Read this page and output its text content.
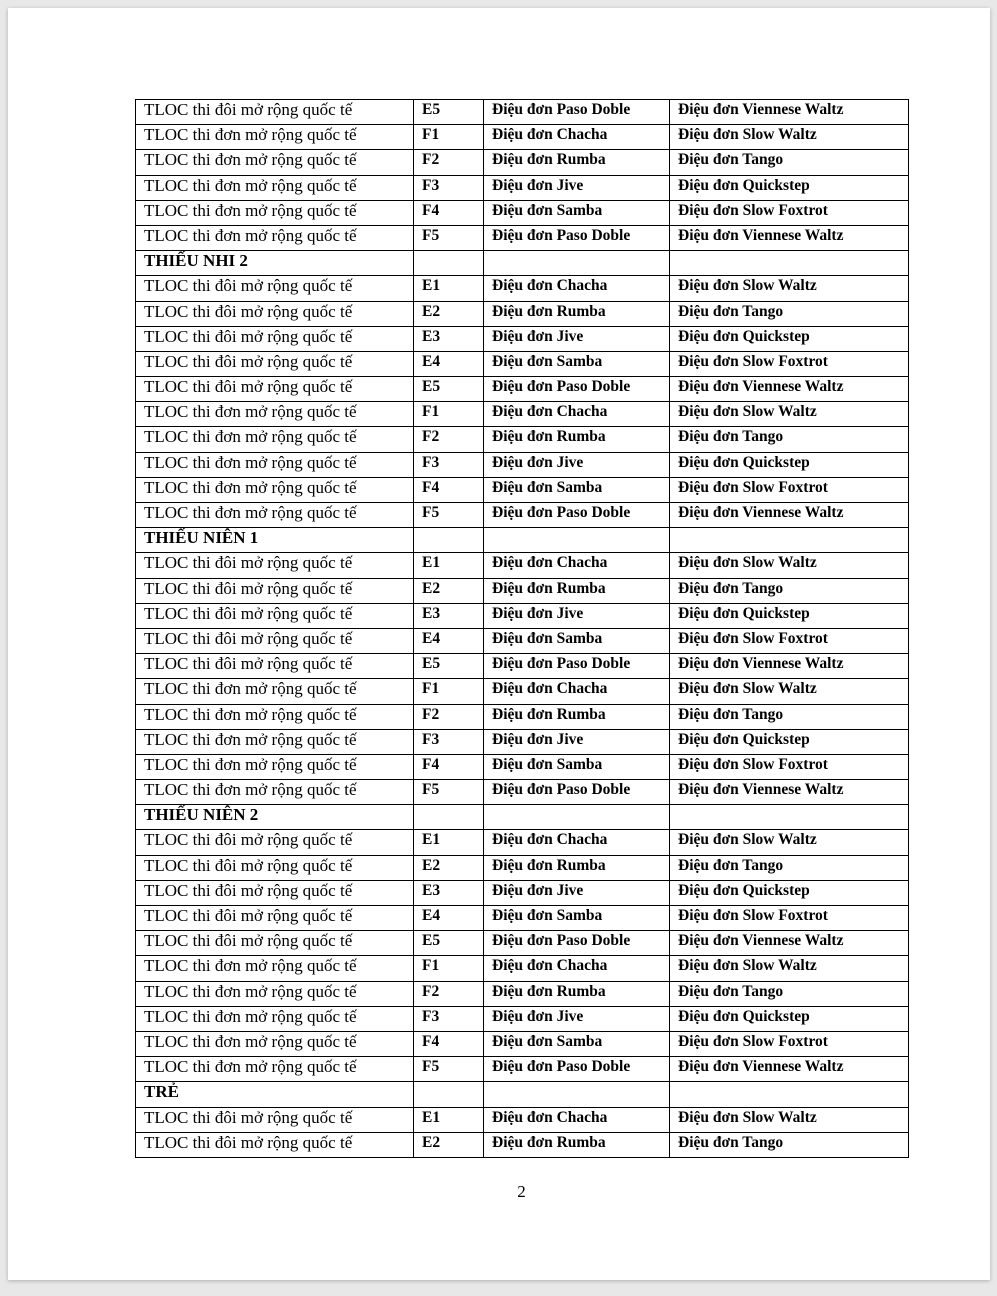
TLOC thi đôi mở rộng quốc tế	E5	Điệu đơn Paso Doble	Điệu đơn Viennese Waltz
TLOC thi đơn mở rộng quốc tế	F1	Điệu đơn Chacha	Điệu đơn Slow Waltz
TLOC thi đơn mở rộng quốc tế	F2	Điệu đơn Rumba	Điệu đơn Tango
TLOC thi đơn mở rộng quốc tế	F3	Điệu đơn Jive	Điệu đơn Quickstep
TLOC thi đơn mở rộng quốc tế	F4	Điệu đơn Samba	Điệu đơn Slow Foxtrot
TLOC thi đơn mở rộng quốc tế	F5	Điệu đơn Paso Doble	Điệu đơn Viennese Waltz
THIẾU NHI 2			
TLOC thi đôi mở rộng quốc tế	E1	Điệu đơn Chacha	Điệu đơn Slow Waltz
TLOC thi đôi mở rộng quốc tế	E2	Điệu đơn Rumba	Điệu đơn Tango
TLOC thi đôi mở rộng quốc tế	E3	Điệu đơn Jive	Điệu đơn Quickstep
TLOC thi đôi mở rộng quốc tế	E4	Điệu đơn Samba	Điệu đơn Slow Foxtrot
TLOC thi đôi mở rộng quốc tế	E5	Điệu đơn Paso Doble	Điệu đơn Viennese Waltz
TLOC thi đơn mở rộng quốc tế	F1	Điệu đơn Chacha	Điệu đơn Slow Waltz
TLOC thi đơn mở rộng quốc tế	F2	Điệu đơn Rumba	Điệu đơn Tango
TLOC thi đơn mở rộng quốc tế	F3	Điệu đơn Jive	Điệu đơn Quickstep
TLOC thi đơn mở rộng quốc tế	F4	Điệu đơn Samba	Điệu đơn Slow Foxtrot
TLOC thi đơn mở rộng quốc tế	F5	Điệu đơn Paso Doble	Điệu đơn Viennese Waltz
THIẾU NIÊN 1			
TLOC thi đôi mở rộng quốc tế	E1	Điệu đơn Chacha	Điệu đơn Slow Waltz
TLOC thi đôi mở rộng quốc tế	E2	Điệu đơn Rumba	Điệu đơn Tango
TLOC thi đôi mở rộng quốc tế	E3	Điệu đơn Jive	Điệu đơn Quickstep
TLOC thi đôi mở rộng quốc tế	E4	Điệu đơn Samba	Điệu đơn Slow Foxtrot
TLOC thi đôi mở rộng quốc tế	E5	Điệu đơn Paso Doble	Điệu đơn Viennese Waltz
TLOC thi đơn mở rộng quốc tế	F1	Điệu đơn Chacha	Điệu đơn Slow Waltz
TLOC thi đơn mở rộng quốc tế	F2	Điệu đơn Rumba	Điệu đơn Tango
TLOC thi đơn mở rộng quốc tế	F3	Điệu đơn Jive	Điệu đơn Quickstep
TLOC thi đơn mở rộng quốc tế	F4	Điệu đơn Samba	Điệu đơn Slow Foxtrot
TLOC thi đơn mở rộng quốc tế	F5	Điệu đơn Paso Doble	Điệu đơn Viennese Waltz
THIẾU NIÊN 2			
TLOC thi đôi mở rộng quốc tế	E1	Điệu đơn Chacha	Điệu đơn Slow Waltz
TLOC thi đôi mở rộng quốc tế	E2	Điệu đơn Rumba	Điệu đơn Tango
TLOC thi đôi mở rộng quốc tế	E3	Điệu đơn Jive	Điệu đơn Quickstep
TLOC thi đôi mở rộng quốc tế	E4	Điệu đơn Samba	Điệu đơn Slow Foxtrot
TLOC thi đôi mở rộng quốc tế	E5	Điệu đơn Paso Doble	Điệu đơn Viennese Waltz
TLOC thi đơn mở rộng quốc tế	F1	Điệu đơn Chacha	Điệu đơn Slow Waltz
TLOC thi đơn mở rộng quốc tế	F2	Điệu đơn Rumba	Điệu đơn Tango
TLOC thi đơn mở rộng quốc tế	F3	Điệu đơn Jive	Điệu đơn Quickstep
TLOC thi đơn mở rộng quốc tế	F4	Điệu đơn Samba	Điệu đơn Slow Foxtrot
TLOC thi đơn mở rộng quốc tế	F5	Điệu đơn Paso Doble	Điệu đơn Viennese Waltz
TRẺ			
TLOC thi đôi mở rộng quốc tế	E1	Điệu đơn Chacha	Điệu đơn Slow Waltz
TLOC thi đôi mở rộng quốc tế	E2	Điệu đơn Rumba	Điệu đơn Tango
2
